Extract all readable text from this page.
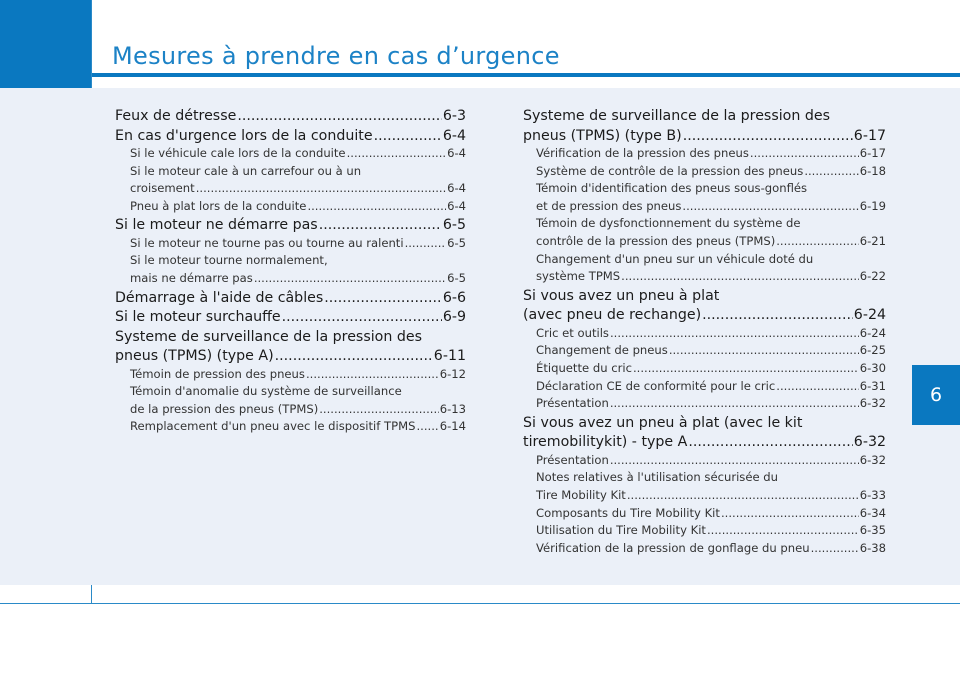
Mesures à prendre en cas d’urgence
6
Feux de détresse .....	6-3
En cas d'urgence lors de la conduite .....	6-4
Si le véhicule cale lors de la conduite .....	6-4
Si le moteur cale à un carrefour ou à un
croisement .....	6-4
Pneu à plat lors de la conduite .....	6-4
Si le moteur ne démarre pas .....	6-5
Si le moteur ne tourne pas ou tourne au ralenti .....	6-5
Si le moteur tourne normalement,
mais ne démarre pas .....	6-5
Démarrage à l'aide de câbles .....	6-6
Si le moteur surchauffe .....	6-9
Systeme de surveillance de la pression des
pneus (TPMS) (type A) .....	6-11
Témoin de pression des pneus .....	6-12
Témoin d'anomalie du système de surveillance
de la pression des pneus (TPMS) .....	6-13
Remplacement d'un pneu avec le dispositif TPMS ..... 6-14
Systeme de surveillance de la pression des
pneus (TPMS) (type B) .....	6-17
Vérification de la pression des pneus .....	6-17
Système de contrôle de la pression des pneus .....	6-18
Témoin d'identification des pneus sous-gonflés
et de pression des pneus .....	6-19
Témoin de dysfonctionnement du système de
contrôle de la pression des pneus (TPMS) .....	6-21
Changement d'un pneu sur un véhicule doté du
système TPMS .....	6-22
Si vous avez un pneu à plat
(avec pneu de rechange) .....	6-24
Cric et outils .....	6-24
Changement de pneus .....	6-25
Étiquette du cric .....	6-30
Déclaration CE de conformité pour le cric .....	6-31
Présentation .....	6-32
Si vous avez un pneu à plat (avec le kit
tiremobilitykit) - type A .....	6-32
Présentation .....	6-32
Notes relatives à l'utilisation sécurisée du
Tire Mobility Kit .....	6-33
Composants du Tire Mobility Kit .....	6-34
Utilisation du Tire Mobility Kit .....	6-35
Vérification de la pression de gonflage du pneu .....	6-38
